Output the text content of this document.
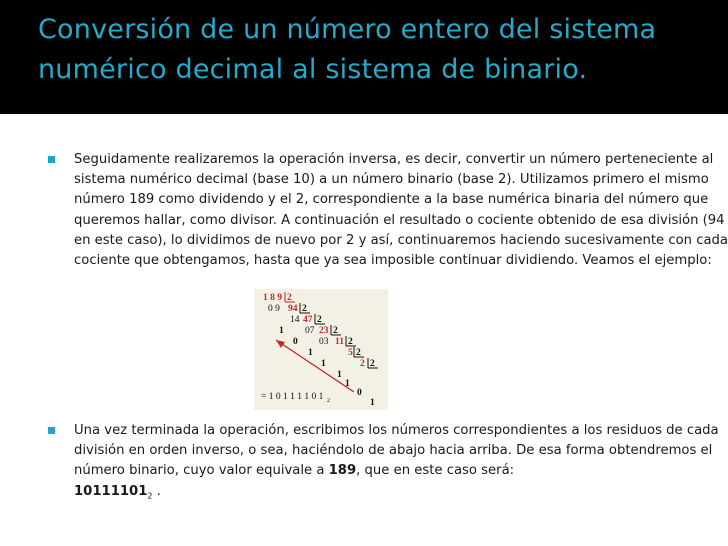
Conversión de un número entero del sistema numérico decimal al sistema de binario.
Seguidamente realizaremos la operación inversa, es decir, convertir un número perteneciente al sistema numérico decimal (base 10) a un número binario (base 2). Utilizamos primero el mismo número 189 como dividendo y el 2, correspondiente a la base numérica binaria del número que queremos hallar, como divisor. A continuación el resultado o cociente obtenido de esa división (94 en este caso), lo dividimos de nuevo por 2 y así, continuaremos haciendo sucesivamente con cada cociente que obtengamos, hasta que ya sea imposible continuar dividiendo. Veamos el ejemplo:
1 8 9 2
0 9 94 2
14 47 2
1 07 23 2
0 03 11 2
1	5 2
1	2 2
1
1
0
1
= 1 0 1 1 1 1 0 1 2
Una vez terminada la operación, escribimos los números correspondientes a los residuos de cada división en orden inverso, o sea, haciéndolo de abajo hacia arriba. De esa forma obtendremos el número binario, cuyo valor equivale a 189, que en este caso será:
$10111101_2$ .
